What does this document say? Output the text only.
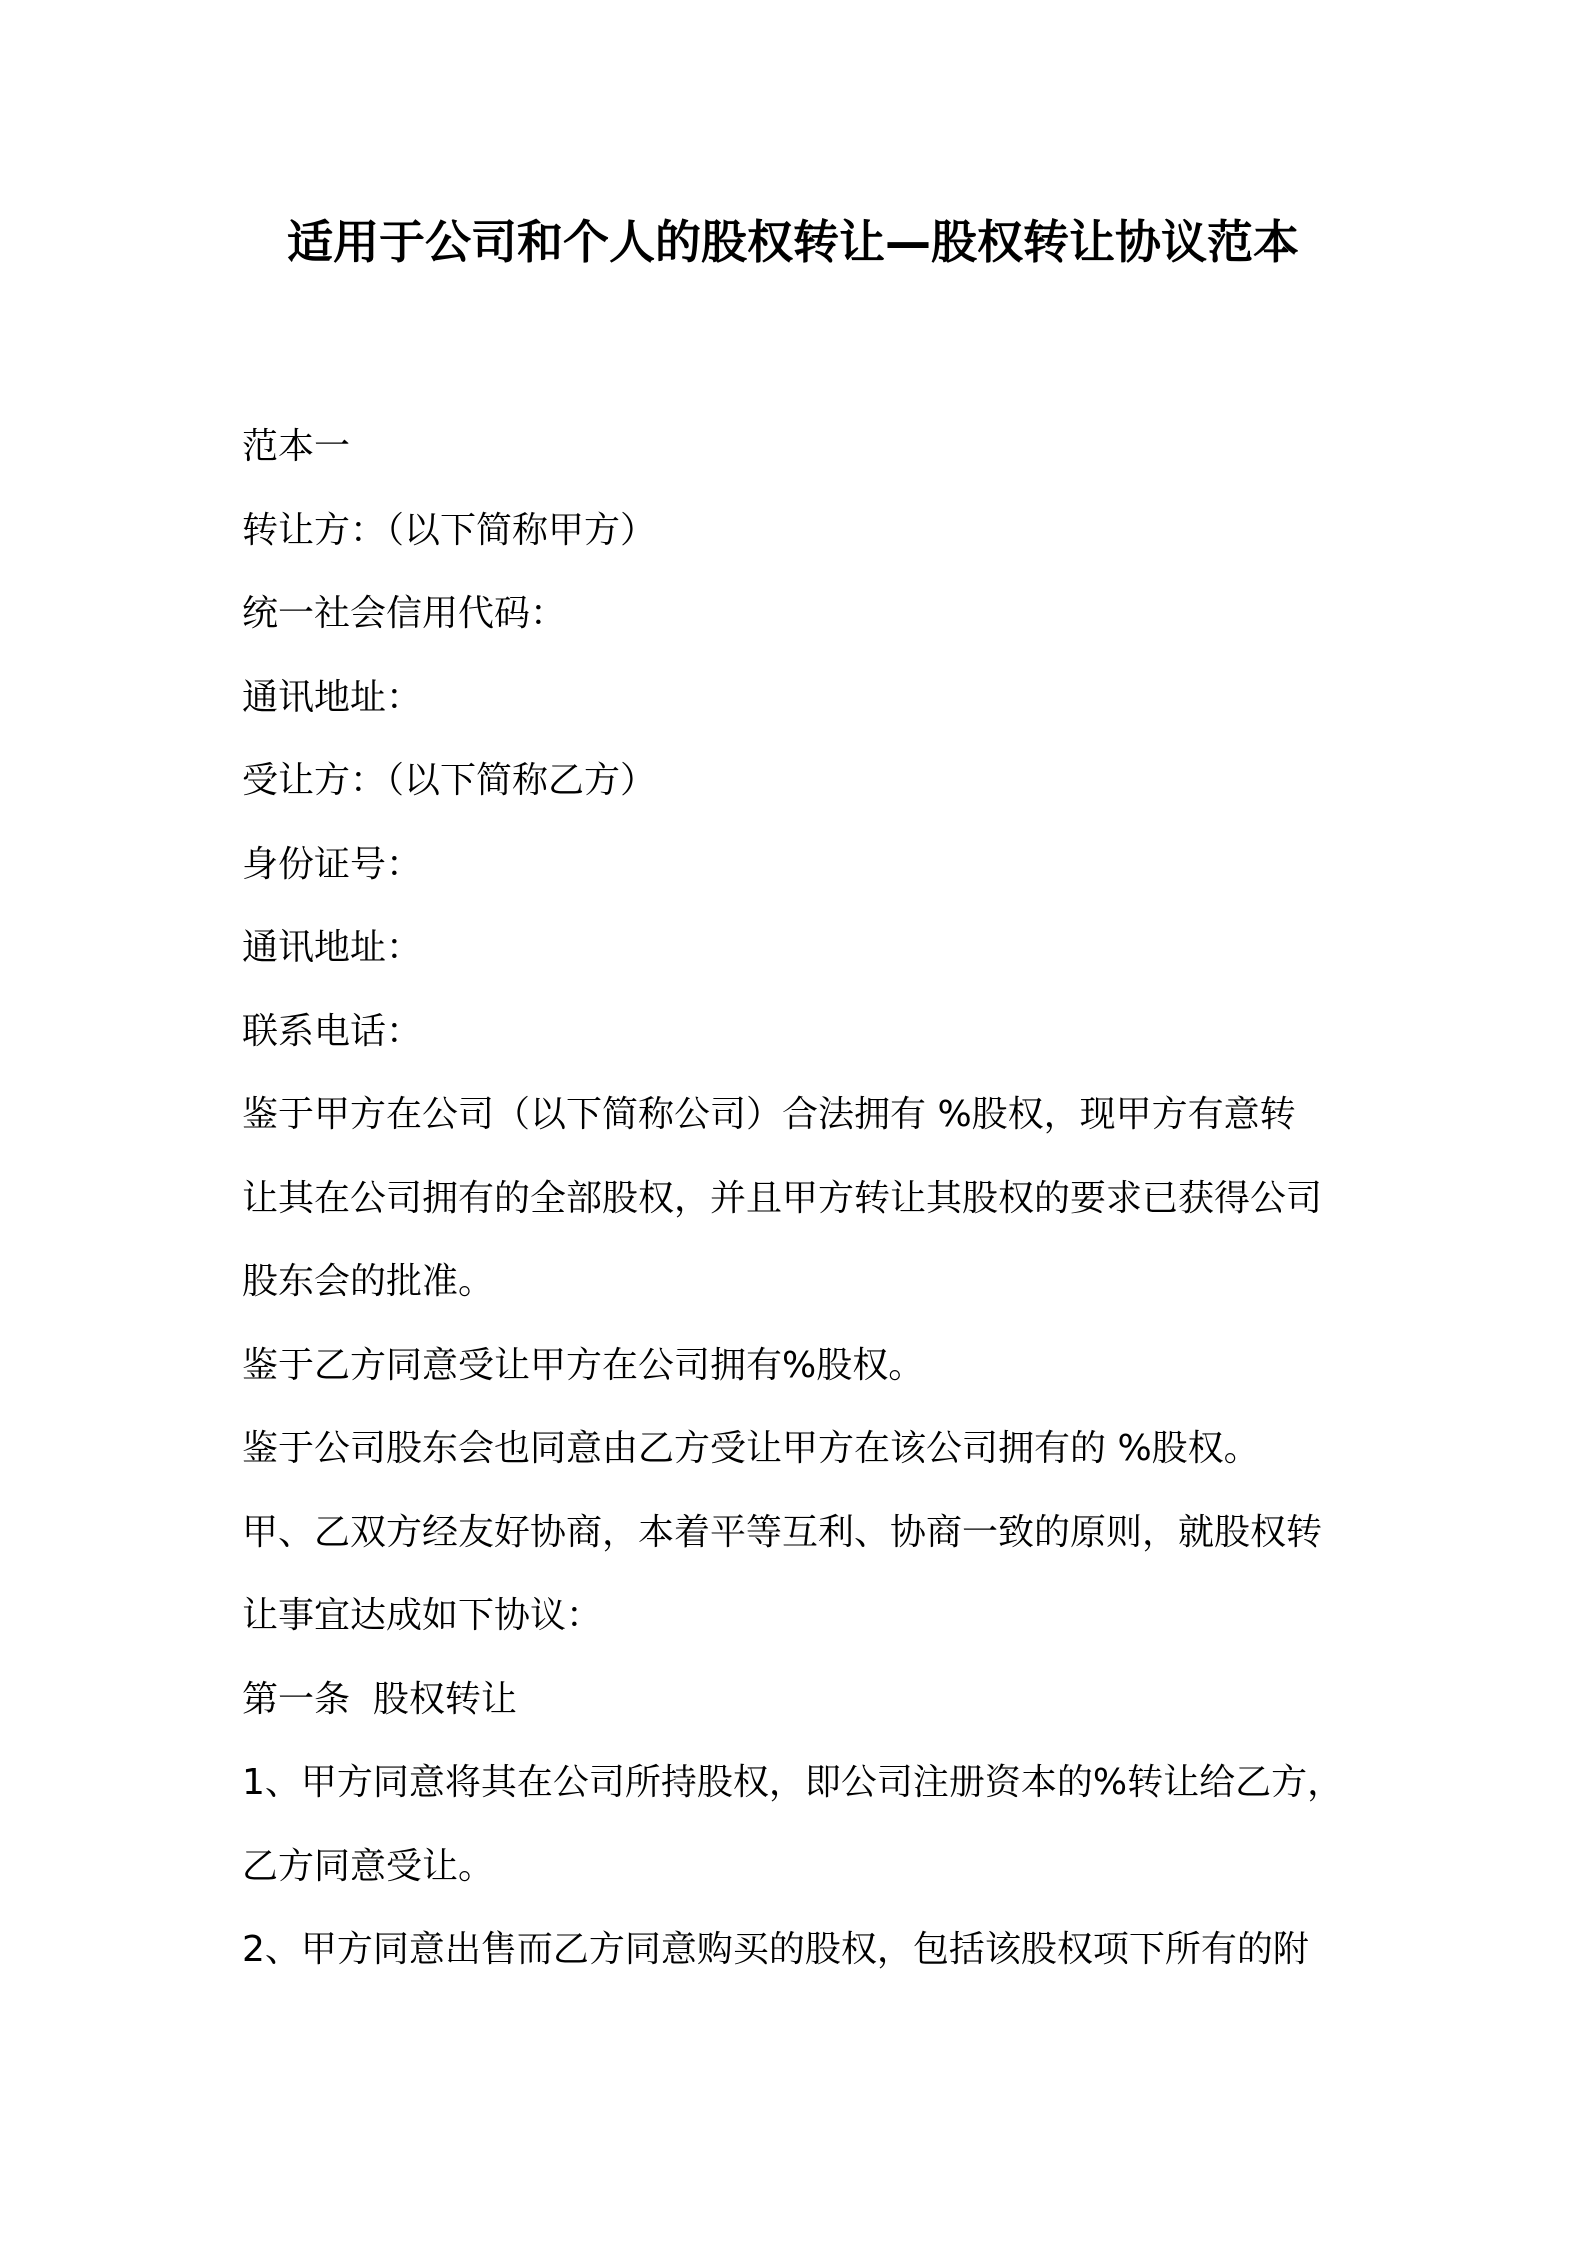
适用于公司和个人的股权转让—股权转让协议范本

范本一

转让方：（以下简称甲方）

统一社会信用代码：

通讯地址：

受让方：（以下简称乙方）

身份证号：

通讯地址：

联系电话：

鉴于甲方在公司（以下简称公司）合法拥有 %股权，现甲方有意转

让其在公司拥有的全部股权，并且甲方转让其股权的要求已获得公司

股东会的批准。

鉴于乙方同意受让甲方在公司拥有%股权。

鉴于公司股东会也同意由乙方受让甲方在该公司拥有的 %股权。

甲、乙双方经友好协商，本着平等互利、协商一致的原则，就股权转

让事宜达成如下协议：

第一条  股权转让

1、甲方同意将其在公司所持股权，即公司注册资本的%转让给乙方，

乙方同意受让。

2、甲方同意出售而乙方同意购买的股权，包括该股权项下所有的附
